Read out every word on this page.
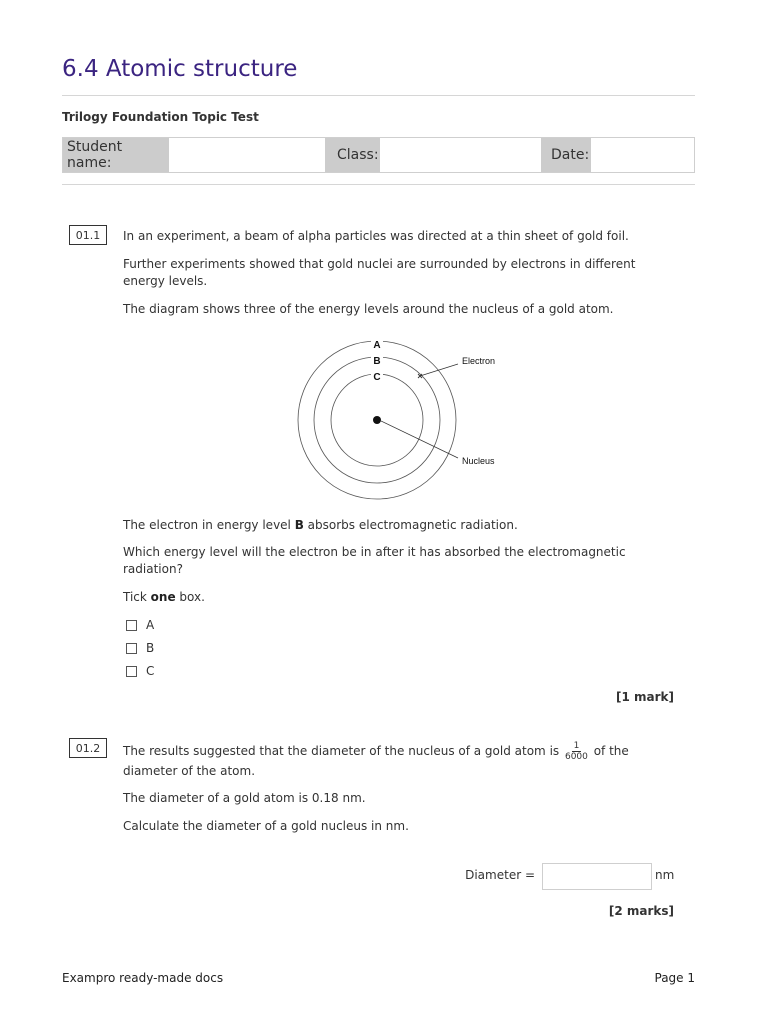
6.4 Atomic structure
Trilogy Foundation Topic Test
Student name:	Class:	Date:
01.1	In an experiment, a beam of alpha particles was directed at a thin sheet of gold foil.
Further experiments showed that gold nuclei are surrounded by electrons in different energy levels.
The diagram shows three of the energy levels around the nucleus of a gold atom.
A
B
C
Electron
Nucleus
The electron in energy level B absorbs electromagnetic radiation.
Which energy level will the electron be in after it has absorbed the electromagnetic radiation?
Tick one box.
A
B
C
[1 mark]
01.2	The results suggested that the diameter of the nucleus of a gold atom is $\frac{1}{6000}$ of the diameter of the atom.
The diameter of a gold atom is 0.18 nm.
Calculate the diameter of a gold nucleus in nm.
Diameter =	nm
[2 marks]
Exampro ready-made docs	Page 1
